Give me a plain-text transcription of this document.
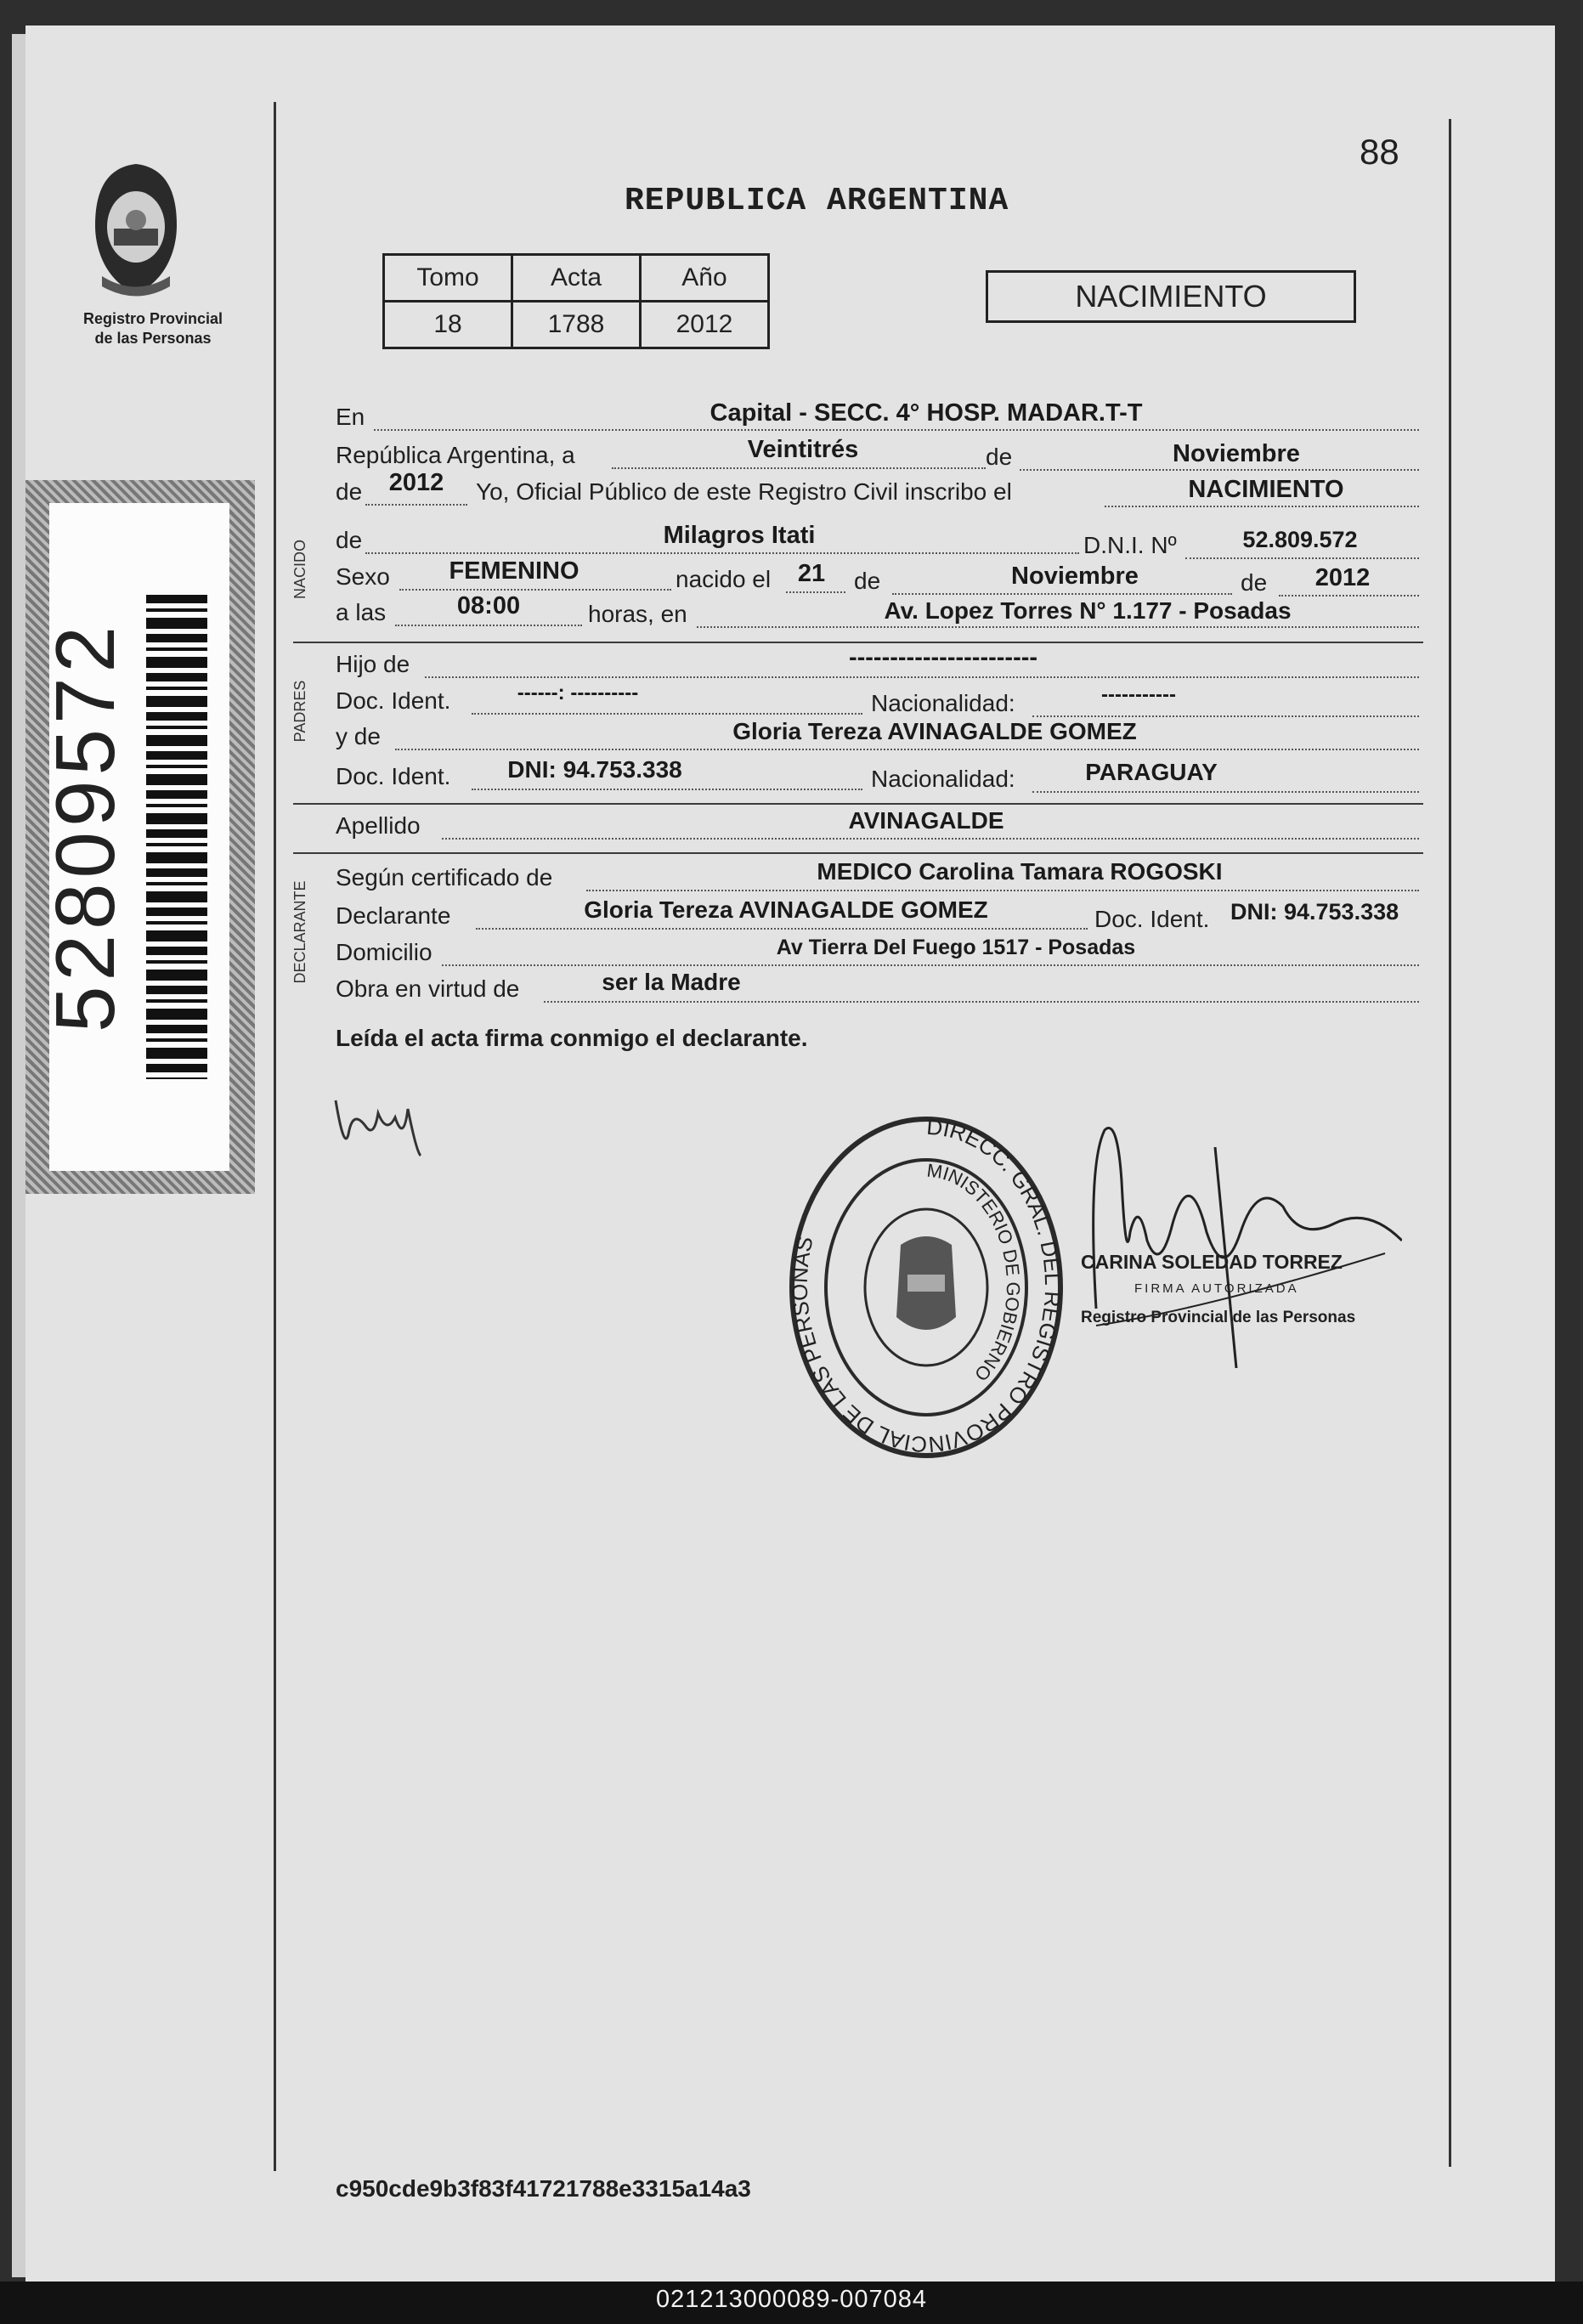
88
Registro Provincial
de las Personas
REPUBLICA ARGENTINA
Tomo	Acta	Año
18	1788	2012
NACIMIENTO
52809572
NACIDO
PADRES
DECLARANTE
En	Capital - SECC. 4° HOSP. MADAR.T-T
República Argentina, a	Veintitrés	de	Noviembre
de	2012	Yo, Oficial Público de este Registro Civil inscribo el	NACIMIENTO
de	Milagros Itati	D.N.I. Nº	52.809.572
Sexo	FEMENINO	nacido el	21	de	Noviembre	de	2012
a las	08:00	horas, en	Av. Lopez Torres N° 1.177 - Posadas
Hijo de	-----------------------
Doc. Ident.	------: ----------	Nacionalidad:	-----------
y de	Gloria Tereza AVINAGALDE GOMEZ
Doc. Ident.	DNI: 94.753.338	Nacionalidad:	PARAGUAY
Apellido	AVINAGALDE
Según certificado de	MEDICO Carolina Tamara ROGOSKI
Declarante	Gloria Tereza AVINAGALDE GOMEZ	Doc. Ident. DNI: 94.753.338
Domicilio	Av Tierra Del Fuego 1517 - Posadas
Obra en virtud de	ser la Madre
Leída el acta firma conmigo el declarante.
DIRECC. GRAL. DEL REGISTRO PROVINCIAL DE LAS PERSONAS
MINISTERIO DE GOBIERNO
CARINA SOLEDAD TORREZ
FIRMA AUTORIZADA
Registro Provincial de las Personas
c950cde9b3f83f41721788e3315a14a3
021213000089-007084
